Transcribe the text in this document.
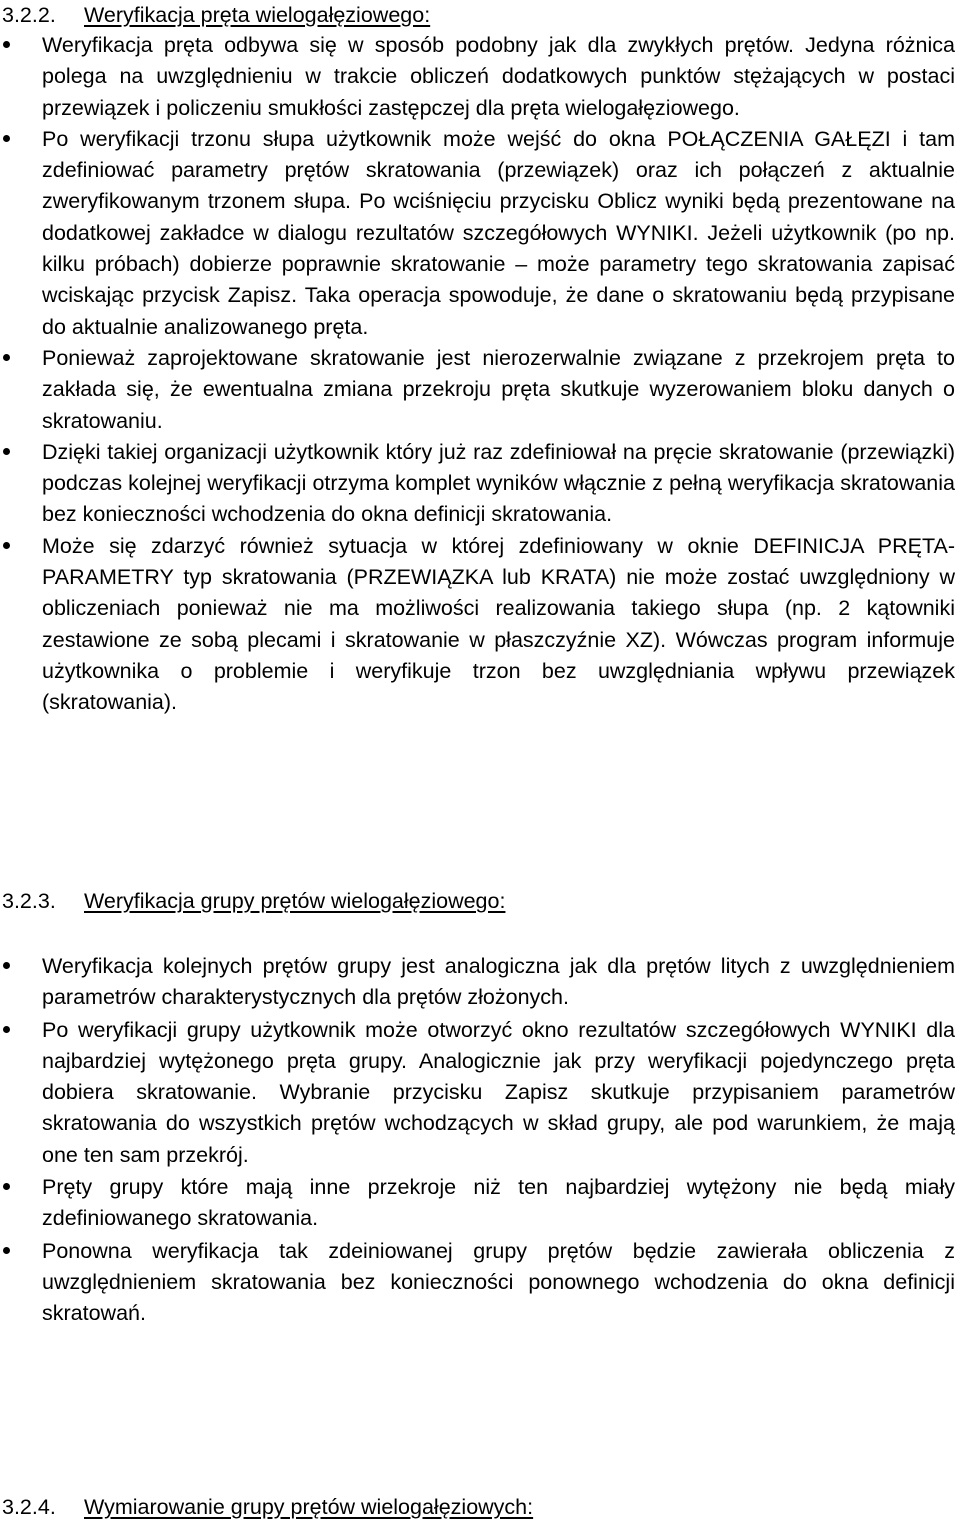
3.2.2. Weryfikacja pręta wielogałęziowego:
Weryfikacja pręta odbywa się w sposób podobny jak dla zwykłych prętów. Jedyna różnica polega na uwzględnieniu w trakcie obliczeń dodatkowych punktów stężających w postaci przewiązek i policzeniu smukłości zastępczej dla pręta wielogałęziowego.
Po weryfikacji trzonu słupa użytkownik może wejść do okna POŁĄCZENIA GAŁĘZI i tam zdefiniować parametry prętów skratowania (przewiązek) oraz ich połączeń z aktualnie zweryfikowanym trzonem słupa. Po wciśnięciu przycisku Oblicz wyniki będą prezentowane na dodatkowej zakładce w dialogu rezultatów szczegółowych WYNIKI. Jeżeli użytkownik (po np. kilku próbach) dobierze poprawnie skratowanie – może parametry tego skratowania zapisać wciskając przycisk Zapisz. Taka operacja spowoduje, że dane o skratowaniu będą przypisane do aktualnie analizowanego pręta.
Ponieważ zaprojektowane skratowanie jest nierozerwalnie związane z przekrojem pręta to zakłada się, że ewentualna zmiana przekroju pręta skutkuje wyzerowaniem bloku danych o skratowaniu.
Dzięki takiej organizacji użytkownik który już raz zdefiniował na pręcie skratowanie (przewiązki) podczas kolejnej weryfikacji otrzyma komplet wyników włącznie z pełną weryfikacja skratowania bez konieczności wchodzenia do okna definicji skratowania.
Może się zdarzyć również sytuacja w której zdefiniowany w oknie DEFINICJA PRĘTA-PARAMETRY typ skratowania (PRZEWIĄZKA lub KRATA) nie może zostać uwzględniony w obliczeniach ponieważ nie ma możliwości realizowania takiego słupa (np. 2 kątowniki zestawione ze sobą plecami i skratowanie w płaszczyźnie XZ). Wówczas program informuje użytkownika o problemie i weryfikuje trzon bez uwzględniania wpływu przewiązek (skratowania).
3.2.3. Weryfikacja grupy prętów wielogałęziowego:
Weryfikacja kolejnych prętów grupy jest analogiczna jak dla prętów litych z uwzględnieniem parametrów charakterystycznych dla prętów złożonych.
Po weryfikacji grupy użytkownik może otworzyć okno rezultatów szczegółowych WYNIKI dla najbardziej wytężonego pręta grupy. Analogicznie jak przy weryfikacji pojedynczego pręta dobiera skratowanie. Wybranie przycisku Zapisz skutkuje przypisaniem parametrów skratowania do wszystkich prętów wchodzących w skład grupy, ale pod warunkiem, że mają one ten sam przekrój.
Pręty grupy które mają inne przekroje niż ten najbardziej wytężony nie będą miały zdefiniowanego skratowania.
Ponowna weryfikacja tak zdeiniowanej grupy prętów będzie zawierała obliczenia z uwzględnieniem skratowania bez konieczności ponownego wchodzenia do okna definicji skratowań.
3.2.4. Wymiarowanie grupy prętów wielogałęziowych:
